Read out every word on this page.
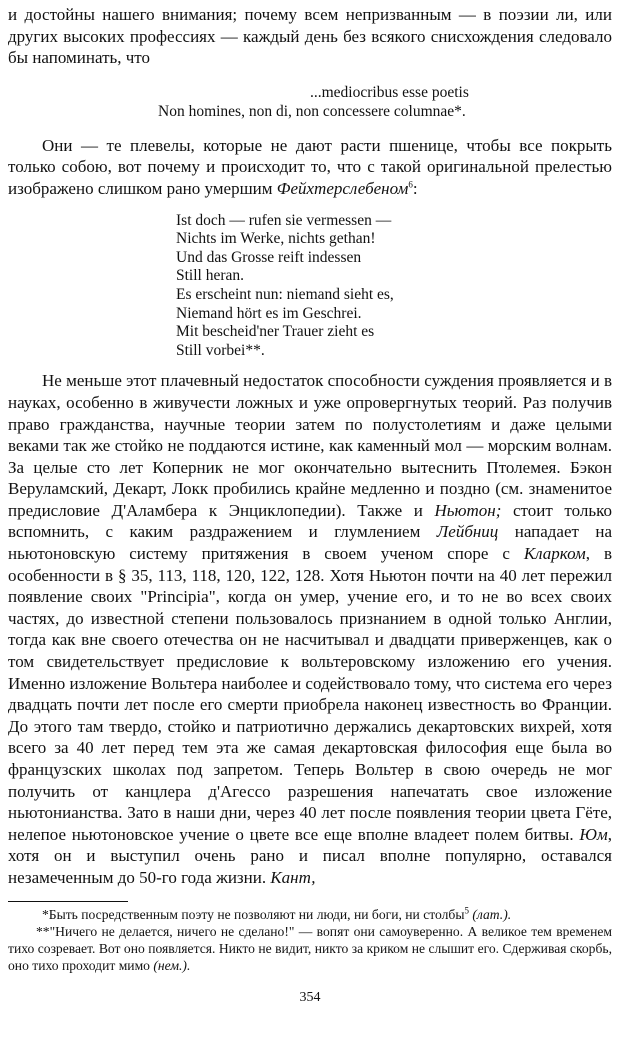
и достойны нашего внимания; почему всем непризванным — в поэзии ли, или других высоких профессиях — каждый день без всякого снисхождения следовало бы напоминать, что

...mediocribus esse poetis
Non homines, non di, non concessere columnae*.

Они — те плевелы, которые не дают расти пшенице, чтобы все покрыть только собою, вот почему и происходит то, что с такой оригинальной прелестью изображено слишком рано умершим Фейхтерслебеном$^6$:

Ist doch — rufen sie vermessen —
Nichts im Werke, nichts gethan!
Und das Grosse reift indessen
Still heran.
Es erscheint nun: niemand sieht es,
Niemand hört es im Geschrei.
Mit bescheid'ner Trauer zieht es
Still vorbei**.

Не меньше этот плачевный недостаток способности суждения проявляется и в науках, особенно в живучести ложных и уже опровергнутых теорий. Раз получив право гражданства, научные теории затем по полустолетиям и даже целыми веками так же стойко не поддаются истине, как каменный мол — морским волнам. За целые сто лет Коперник не мог окончательно вытеснить Птолемея. Бэкон Веруламский, Декарт, Локк пробились крайне медленно и поздно (см. знаменитое предисловие Д'Аламбера к Энциклопедии). Также и Ньютон; стоит только вспомнить, с каким раздражением и глумлением Лейбниц нападает на ньютоновскую систему притяжения в своем ученом споре с Кларком, в особенности в § 35, 113, 118, 120, 122, 128. Хотя Ньютон почти на 40 лет пережил появление своих "Principia", когда он умер, учение его, и то не во всех своих частях, до известной степени пользовалось признанием в одной только Англии, тогда как вне своего отечества он не насчитывал и двадцати приверженцев, как о том свидетельствует предисловие к вольтеровскому изложению его учения. Именно изложение Вольтера наиболее и содействовало тому, что система его через двадцать почти лет после его смерти приобрела наконец известность во Франции. До этого там твердо, стойко и патриотично держались декартовских вихрей, хотя всего за 40 лет перед тем эта же самая декартовская философия еще была во французских школах под запретом. Теперь Вольтер в свою очередь не мог получить от канцлера д'Агессо разрешения напечатать свое изложение ньютонианства. Зато в наши дни, через 40 лет после появления теории цвета Гёте, нелепое ньютоновское учение о цвете все еще вполне владеет полем битвы. Юм, хотя он и выступил очень рано и писал вполне популярно, оставался незамеченным до 50-го года жизни. Кант,

*Быть посредственным поэту не позволяют ни люди, ни боги, ни столбы$^5$ (лат.).

**"Ничего не делается, ничего не сделано!" — вопят они самоуверенно. А великое тем временем тихо созревает. Вот оно появляется. Никто не видит, никто за криком не слышит его. Сдерживая скорбь, оно тихо проходит мимо (нем.).

354
